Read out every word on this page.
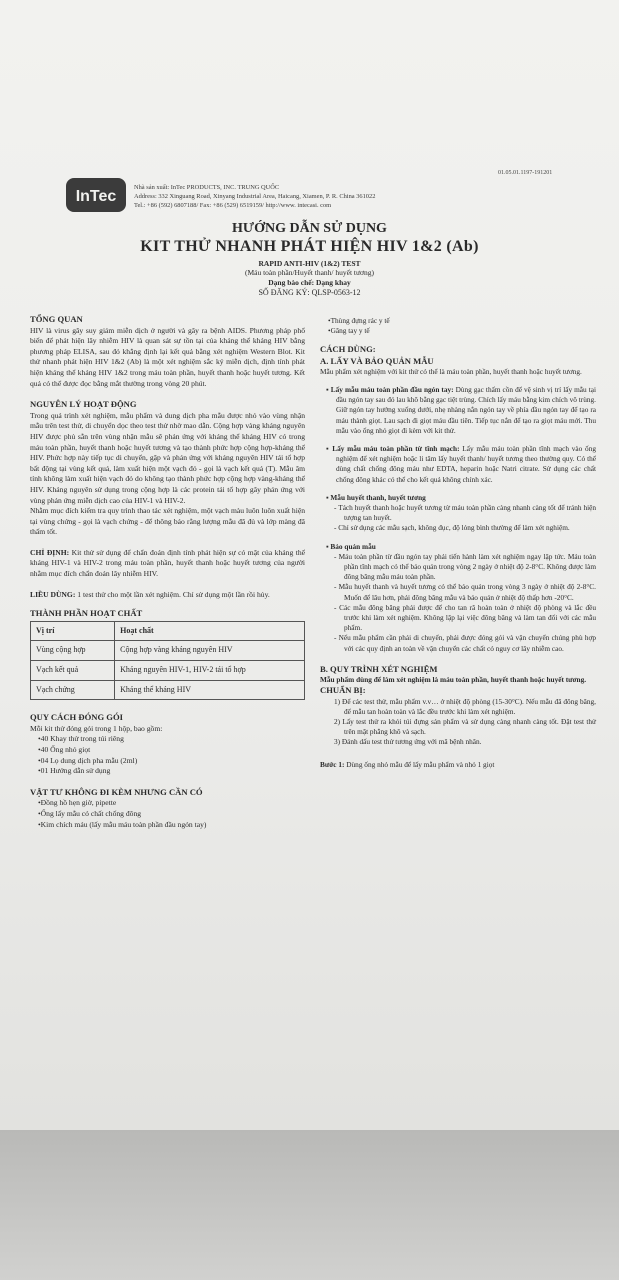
01.05.01.1197-191201
InTec
Nhà sản xuất: InTec PRODUCTS, INC. TRUNG QUỐC
Address: 332 Xinguang Road, Xinyang Industrial Area, Haicang, Xiamen, P. R. China 361022
Tel.: +86 (592) 6807188/ Fax: +86 (529) 6519159/ http://www. intecasi. com
HƯỚNG DẪN SỬ DỤNG
KIT THỬ NHANH PHÁT HIỆN HIV 1&2 (Ab)
RAPID ANTI-HIV (1&2) TEST
(Máu toàn phần/Huyết thanh/ huyết tương)
Dạng bào chế: Dạng khay
SỐ ĐĂNG KÝ: QLSP-0563-12
TỔNG QUAN

HIV là virus gây suy giảm miễn dịch ở người và gây ra bệnh AIDS. Phương pháp phổ biến để phát hiện lây nhiễm HIV là quan sát sự tồn tại của kháng thể kháng HIV bằng phương pháp ELISA, sau đó khẳng định lại kết quả bằng xét nghiệm Western Blot. Kit thử nhanh phát hiện HIV 1&2 (Ab) là một xét nghiệm sắc ký miễn dịch, định tính phát hiện kháng thể kháng HIV 1&2 trong máu toàn phần, huyết thanh hoặc huyết tương. Kết quả có thể được đọc bằng mắt thường trong vòng 20 phút.

NGUYÊN LÝ HOẠT ĐỘNG

Trong quá trình xét nghiệm, mẫu phẩm và dung dịch pha mẫu được nhỏ vào vùng nhận mẫu trên test thử, di chuyển dọc theo test thử nhờ mao dẫn. Cộng hợp vàng kháng nguyên HIV được phủ sẵn trên vùng nhận mẫu sẽ phản ứng với kháng thể kháng HIV có trong máu toàn phần, huyết thanh hoặc huyết tương và tạo thành phức hợp cộng hợp-kháng thể HIV. Phức hợp này tiếp tục di chuyển, gặp và phản ứng với kháng nguyên HIV tái tổ hợp bất động tại vùng kết quả, làm xuất hiện một vạch đỏ - gọi là vạch kết quả (T). Mẫu âm tính không làm xuất hiện vạch đỏ do không tạo thành phức hợp cộng hợp vàng-kháng thể HIV. Kháng nguyên sử dụng trong cộng hợp là các protein tái tổ hợp gây phản ứng với vùng phản ứng miễn dịch cao của HIV-1 và HIV-2.

Nhằm mục đích kiểm tra quy trình thao tác xét nghiệm, một vạch màu luôn luôn xuất hiện tại vùng chứng - gọi là vạch chứng - để thông báo rằng lượng mẫu đã đủ và lớp màng đã thấm tốt.

CHỈ ĐỊNH: Kit thử sử dụng để chẩn đoán định tính phát hiện sự có mặt của kháng thể kháng HIV-1 và HIV-2 trong máu toàn phần, huyết thanh hoặc huyết tương của người nhằm mục đích chẩn đoán lây nhiễm HIV.

LIỀU DÙNG: 1 test thử cho một lần xét nghiệm. Chỉ sử dụng một lần rồi hủy.

THÀNH PHẦN HOẠT CHẤT
Vị trí	Hoạt chất
Vùng cộng hợp	Cộng hợp vàng kháng nguyên HIV
Vạch kết quả	Kháng nguyên HIV-1, HIV-2 tái tổ hợp
Vạch chứng	Kháng thể kháng HIV
QUY CÁCH ĐÓNG GÓI

Mỗi kit thử đóng gói trong 1 hộp, bao gồm:

• 40 Khay thử trong túi riêng
• 40 Ống nhỏ giọt
• 04 Lọ dung dịch pha mẫu (2ml)
• 01 Hướng dẫn sử dụng
VẬT TƯ KHÔNG ĐI KÈM NHƯNG CẦN CÓ
• Đồng hồ hẹn giờ, pipette
• Ống lấy mẫu có chất chống đông
• Kim chích máu (lấy mẫu máu toàn phần đầu ngón tay)
• Thùng đựng rác y tế
• Găng tay y tế
CÁCH DÙNG:
A. LẤY VÀ BẢO QUẢN MẪU

Mẫu phẩm xét nghiệm với kit thử có thể là máu toàn phần, huyết thanh hoặc huyết tương.

▪ Lấy mẫu máu toàn phần đầu ngón tay: Dùng gạc thấm cồn để vệ sinh vị trí lấy mẫu tại đầu ngón tay sau đó lau khô bằng gạc tiệt trùng. Chích lấy máu bằng kim chích vô trùng. Giữ ngón tay hướng xuống dưới, nhẹ nhàng nắn ngón tay về phía đầu ngón tay để tạo ra máu thành giọt. Lau sạch đi giọt máu đầu tiên. Tiếp tục nắn để tạo ra giọt máu mới. Thu mẫu vào ống nhỏ giọt đi kèm với kit thử.

▪ Lấy mẫu máu toàn phần từ tĩnh mạch: Lấy mẫu máu toàn phần tĩnh mạch vào ống nghiệm để xét nghiệm hoặc li tâm lấy huyết thanh/ huyết tương theo thường quy. Có thể dùng chất chống đông máu như EDTA, heparin hoặc Natri citrate. Sử dụng các chất chống đông khác có thể cho kết quả không chính xác.

▪ Mẫu huyết thanh, huyết tương

- Tách huyết thanh hoặc huyết tương từ máu toàn phần càng nhanh càng tốt để tránh hiện tượng tan huyết.
- Chỉ sử dụng các mẫu sạch, không đục, độ lỏng bình thường để làm xét nghiệm.

▪ Bảo quản mẫu

- Máu toàn phần từ đầu ngón tay phải tiến hành làm xét nghiệm ngay lập tức. Máu toàn phần tĩnh mạch có thể bảo quản trong vòng 2 ngày ở nhiệt độ 2-8°C. Không được làm đông băng mẫu máu toàn phần.
- Mẫu huyết thanh và huyết tương có thể bảo quản trong vòng 3 ngày ở nhiệt độ 2-8°C. Muốn để lâu hơn, phải đông băng mẫu và bảo quản ở nhiệt độ thấp hơn -20°C.
- Các mẫu đông băng phải được để cho tan rã hoàn toàn ở nhiệt độ phòng và lắc đều trước khi làm xét nghiệm. Không lặp lại việc đông băng và làm tan đối với các mẫu phẩm.
- Nếu mẫu phẩm cần phải di chuyển, phải được đóng gói và vận chuyển chúng phù hợp với các quy định an toàn về vận chuyển các chất có nguy cơ lây nhiễm cao.
B. QUY TRÌNH XÉT NGHIỆM

Mẫu phẩm dùng để làm xét nghiệm là máu toàn phần, huyết thanh hoặc huyết tương.

CHUẨN BỊ:
1) Để các test thử, mẫu phẩm v.v… ở nhiệt độ phòng (15-30°C). Nếu mẫu đã đông băng, để mẫu tan hoàn toàn và lắc đều trước khi làm xét nghiệm.
2) Lấy test thử ra khỏi túi đựng sản phẩm và sử dụng càng nhanh càng tốt. Đặt test thử trên mặt phẳng khô và sạch.
3) Đánh dấu test thử tương ứng với mã bệnh nhân.

Bước 1: Dùng ống nhỏ mẫu để lấy mẫu phẩm và nhỏ 1 giọt
